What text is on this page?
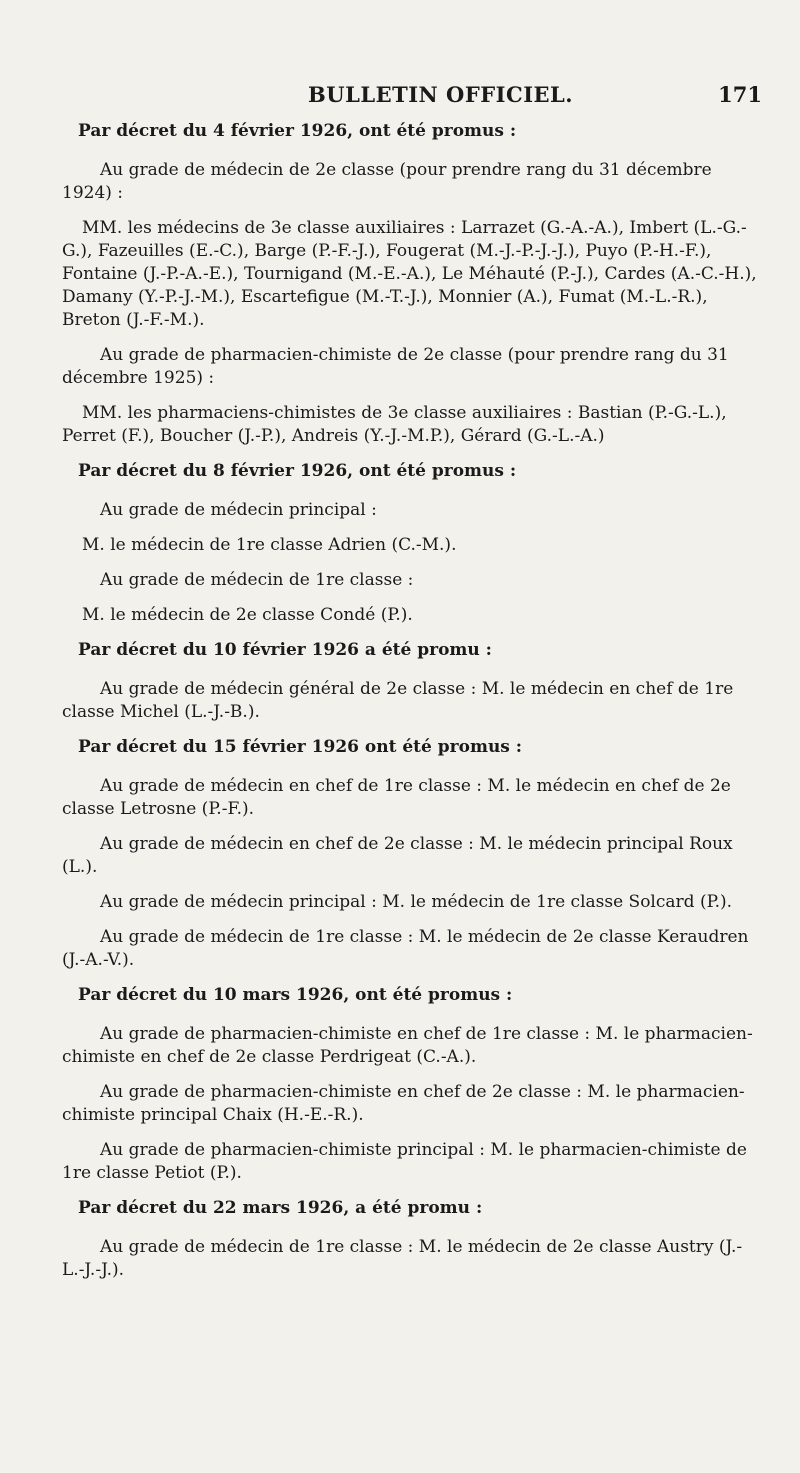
BULLETIN OFFICIEL.	171

Par décret du 4 février 1926, ont été promus :

Au grade de médecin de 2e classe (pour prendre rang du 31 décembre 1924) :

MM. les médecins de 3e classe auxiliaires : Larrazet (G.-A.-A.), Imbert (L.-G.-G.), Fazeuilles (E.-C.), Barge (P.-F.-J.), Fougerat (M.-J.-P.-J.-J.), Puyo (P.-H.-F.), Fontaine (J.-P.-A.-E.), Tournigand (M.-E.-A.), Le Méhauté (P.-J.), Cardes (A.-C.-H.), Damany (Y.-P.-J.-M.), Escartefigue (M.-T.-J.), Monnier (A.), Fumat (M.-L.-R.), Breton (J.-F.-M.).

Au grade de pharmacien-chimiste de 2e classe (pour prendre rang du 31 décembre 1925) :

MM. les pharmaciens-chimistes de 3e classe auxiliaires : Bastian (P.-G.-L.), Perret (F.), Boucher (J.-P.), Andreis (Y.-J.-M.P.), Gérard (G.-L.-A.)

Par décret du 8 février 1926, ont été promus :

Au grade de médecin principal :

M. le médecin de 1re classe Adrien (C.-M.).

Au grade de médecin de 1re classe :

M. le médecin de 2e classe Condé (P.).

Par décret du 10 février 1926 a été promu :

Au grade de médecin général de 2e classe : M. le médecin en chef de 1re classe Michel (L.-J.-B.).

Par décret du 15 février 1926 ont été promus :

Au grade de médecin en chef de 1re classe : M. le médecin en chef de 2e classe Letrosne (P.-F.).

Au grade de médecin en chef de 2e classe : M. le médecin principal Roux (L.).

Au grade de médecin principal : M. le médecin de 1re classe Solcard (P.).

Au grade de médecin de 1re classe : M. le médecin de 2e classe Keraudren (J.-A.-V.).

Par décret du 10 mars 1926, ont été promus :

Au grade de pharmacien-chimiste en chef de 1re classe : M. le pharmacien-chimiste en chef de 2e classe Perdrigeat (C.-A.).

Au grade de pharmacien-chimiste en chef de 2e classe : M. le pharmacien-chimiste principal Chaix (H.-E.-R.).

Au grade de pharmacien-chimiste principal : M. le pharmacien-chimiste de 1re classe Petiot (P.).

Par décret du 22 mars 1926, a été promu :

Au grade de médecin de 1re classe : M. le médecin de 2e classe Austry (J.-L.-J.-J.).
